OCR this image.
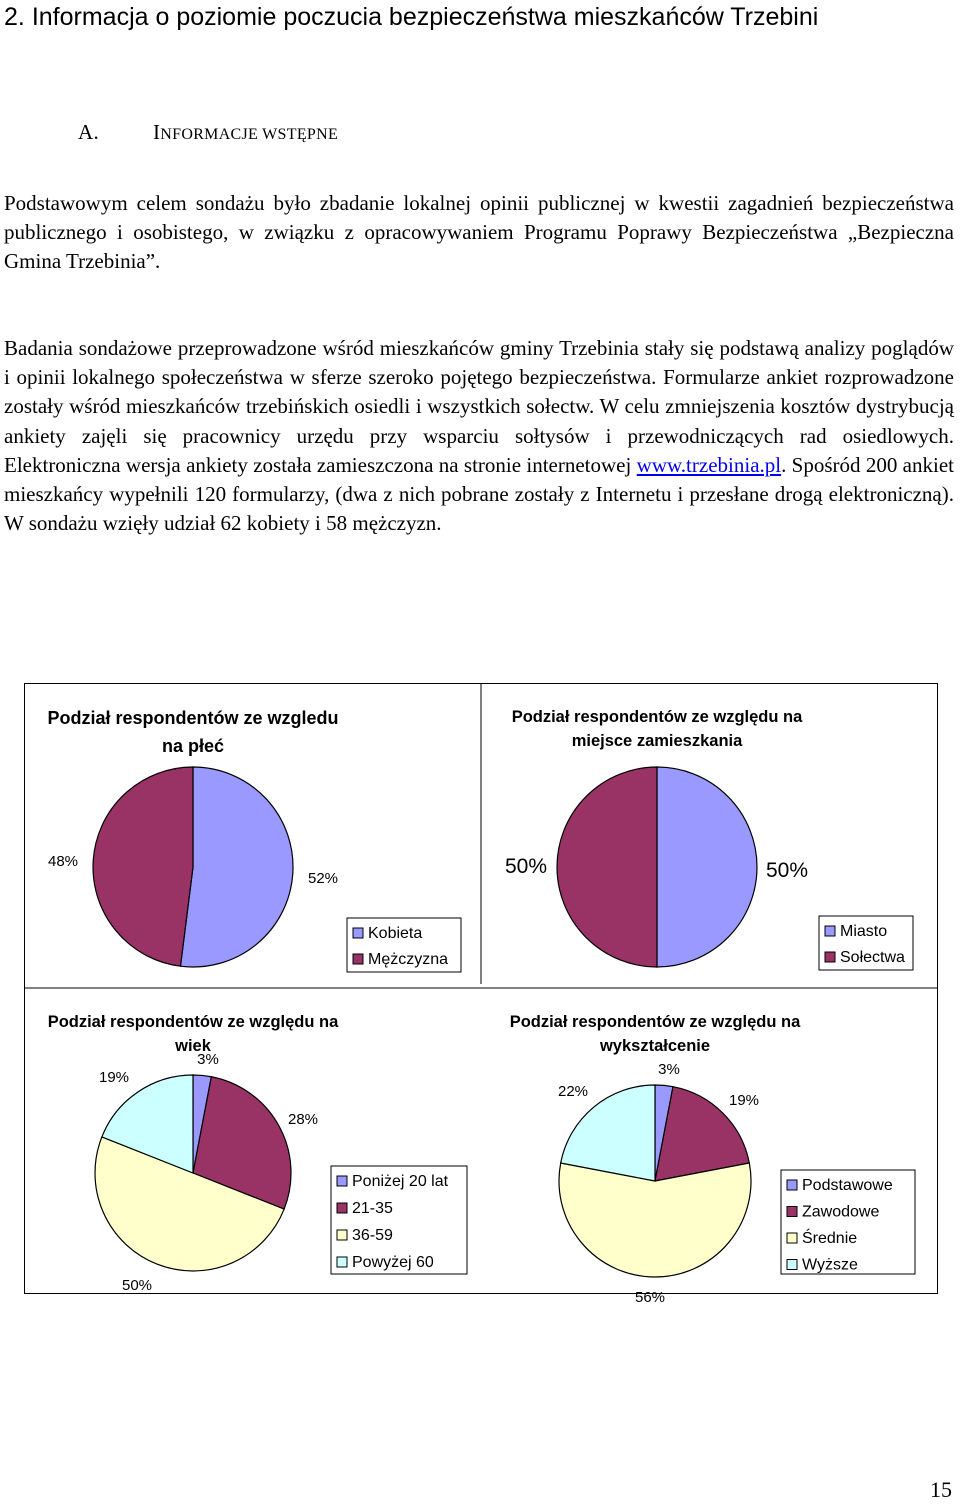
2. Informacja o poziomie poczucia bezpieczeństwa mieszkańców Trzebini
A.	INFORMACJE WSTĘPNE

Podstawowym celem sondażu było zbadanie lokalnej opinii publicznej w kwestii zagadnień bezpieczeństwa publicznego i osobistego, w związku z opracowywaniem Programu Poprawy Bezpieczeństwa „Bezpieczna Gmina Trzebinia”.

Badania sondażowe przeprowadzone wśród mieszkańców gminy Trzebinia stały się podstawą analizy poglądów i opinii lokalnego społeczeństwa w sferze szeroko pojętego bezpieczeństwa. Formularze ankiet rozprowadzone zostały wśród mieszkańców trzebińskich osiedli i wszystkich sołectw. W celu zmniejszenia kosztów dystrybucją ankiety zajęli się pracownicy urzędu przy wsparciu sołtysów i przewodniczących rad osiedlowych. Elektroniczna wersja ankiety została zamieszczona na stronie internetowej www.trzebinia.pl. Spośród 200 ankiet mieszkańcy wypełnili 120 formularzy, (dwa z nich pobrane zostały z Internetu i przesłane drogą elektroniczną). W sondażu wzięły udział 62 kobiety i 58 mężczyzn.

Podział respondentów ze wzgledu
na płeć
52%
48%
Kobieta
Mężczyzna
Podział respondentów ze względu na
miejsce zamieszkania
50%
50%
Miasto
Sołectwa
Podział respondentów ze względu na
wiek
3%
28%
50%
19%
Poniżej 20 lat
21-35
36-59
Powyżej 60
Podział respondentów ze względu na
wykształcenie
3%
19%
56%
22%
Podstawowe
Zawodowe
Średnie
Wyższe
15
